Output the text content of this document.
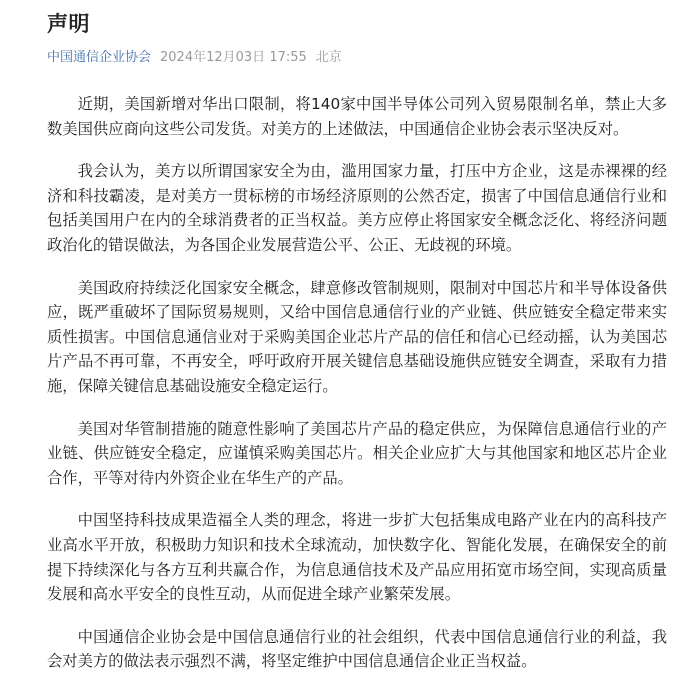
声明
中国通信企业协会 2024年12月03日 17:55 北京

近期，美国新增对华出口限制，将140家中国半导体公司列入贸易限制名单，禁止大多数美国供应商向这些公司发货。对美方的上述做法，中国通信企业协会表示坚决反对。

我会认为，美方以所谓国家安全为由，滥用国家力量，打压中方企业，这是赤裸裸的经济和科技霸凌，是对美方一贯标榜的市场经济原则的公然否定，损害了中国信息通信行业和包括美国用户在内的全球消费者的正当权益。美方应停止将国家安全概念泛化、将经济问题政治化的错误做法，为各国企业发展营造公平、公正、无歧视的环境。

美国政府持续泛化国家安全概念，肆意修改管制规则，限制对中国芯片和半导体设备供应，既严重破坏了国际贸易规则，又给中国信息通信行业的产业链、供应链安全稳定带来实质性损害。中国信息通信业对于采购美国企业芯片产品的信任和信心已经动摇，认为美国芯片产品不再可靠，不再安全，呼吁政府开展关键信息基础设施供应链安全调查，采取有力措施，保障关键信息基础设施安全稳定运行。

美国对华管制措施的随意性影响了美国芯片产品的稳定供应，为保障信息通信行业的产业链、供应链安全稳定，应谨慎采购美国芯片。相关企业应扩大与其他国家和地区芯片企业合作，平等对待内外资企业在华生产的产品。

中国坚持科技成果造福全人类的理念，将进一步扩大包括集成电路产业在内的高科技产业高水平开放，积极助力知识和技术全球流动，加快数字化、智能化发展，在确保安全的前提下持续深化与各方互利共赢合作，为信息通信技术及产品应用拓宽市场空间，实现高质量发展和高水平安全的良性互动，从而促进全球产业繁荣发展。

中国通信企业协会是中国信息通信行业的社会组织，代表中国信息通信行业的利益，我会对美方的做法表示强烈不满，将坚定维护中国信息通信企业正当权益。
